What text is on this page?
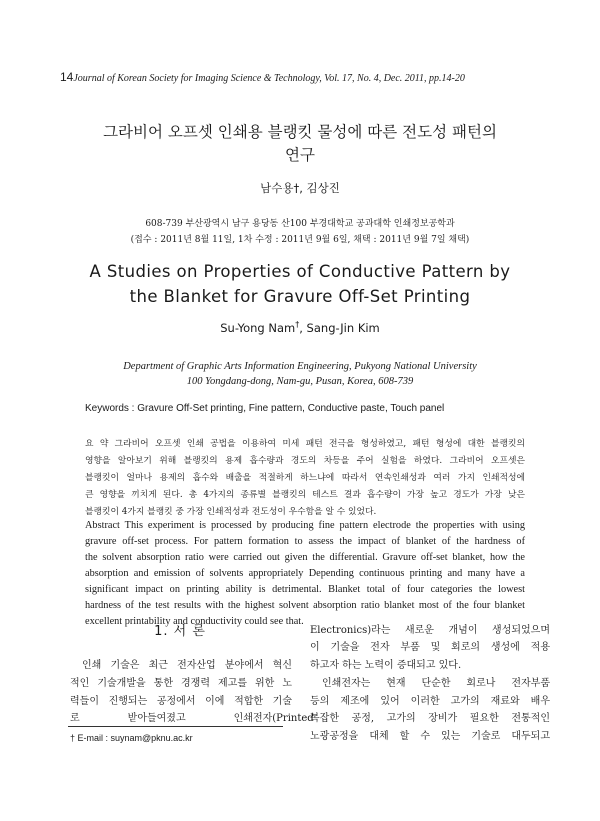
14Journal of Korean Society for Imaging Science & Technology, Vol. 17, No. 4, Dec. 2011, pp.14-20
그라비어 오프셋 인쇄용 블랭킷 물성에 따른 전도성 패턴의
연구
남수용†, 김상진
608-739 부산광역시 남구 용당동 산100 부경대학교 공과대학 인쇄정보공학과
(접수 : 2011년 8월 11일, 1차 수정 : 2011년 9월 6일, 채택 : 2011년 9월 7일 채택)
A Studies on Properties of Conductive Pattern by
the Blanket for Gravure Off-Set Printing
Su-Yong Nam†, Sang-Jin Kim
Department of Graphic Arts Information Engineering, Pukyong National University
100 Yongdang-dong, Nam-gu, Pusan, Korea, 608-739
Keywords : Gravure Off-Set printing, Fine pattern, Conductive paste, Touch panel
요 약 그라비어 오프셋 인쇄 공법을 이용하여 미세 패턴 전극을 형성하였고, 패턴 형성에 대한 블랭킷의
영향을 알아보기 위해 블랭킷의 용제 흡수량과 경도의 차등을 주어 실험을 하였다. 그라비어 오프셋은
블랭킷이 얼마나 용제의 흡수와 배출을 적절하게 하느냐에 따라서 연속인쇄성과 여러 가지 인쇄적성에
큰 영향을 끼치게 된다. 총 4가지의 종류별 블랭킷의 테스트 결과 흡수량이 가장 높고 경도가 가장 낮은
블랭킷이 4가지 블랭킷 중 가장 인쇄적성과 전도성이 우수함을 알 수 있었다.
Abstract This experiment is processed by producing fine pattern electrode the properties with using
gravure off-set process. For pattern formation to assess the impact of blanket of the hardness of
the solvent absorption ratio were carried out given the differential. Gravure off-set blanket, how the
absorption and emission of solvents appropriately Depending continuous printing and many have a
significant impact on printing ability is detrimental. Blanket total of four categories the lowest
hardness of the test results with the highest solvent absorption ratio blanket most of the four blanket
excellent printability and conductivity could see that.
1. 서 론
인쇄 기술은 최근 전자산업 분야에서 혁신
적인 기술개발을 통한 경쟁력 제고를 위한 노
력들이 진행되는 공정에서 이에 적합한 기술
로	받아들여졌고	인쇄전자(Printed
Electronics)라는 새로운 개념이 생성되었으며
이 기술을 전자 부품 및 회로의 생성에 적용
하고자 하는 노력이 증대되고 있다.
인쇄전자는 현재 단순한 회로나 전자부품
등의 제조에 있어 이러한 고가의 재료와 배우
복잡한 공정, 고가의 장비가 필요한 전통적인
노광공정을 대체 할 수 있는 기술로 대두되고
† E-mail : suynam@pknu.ac.kr
